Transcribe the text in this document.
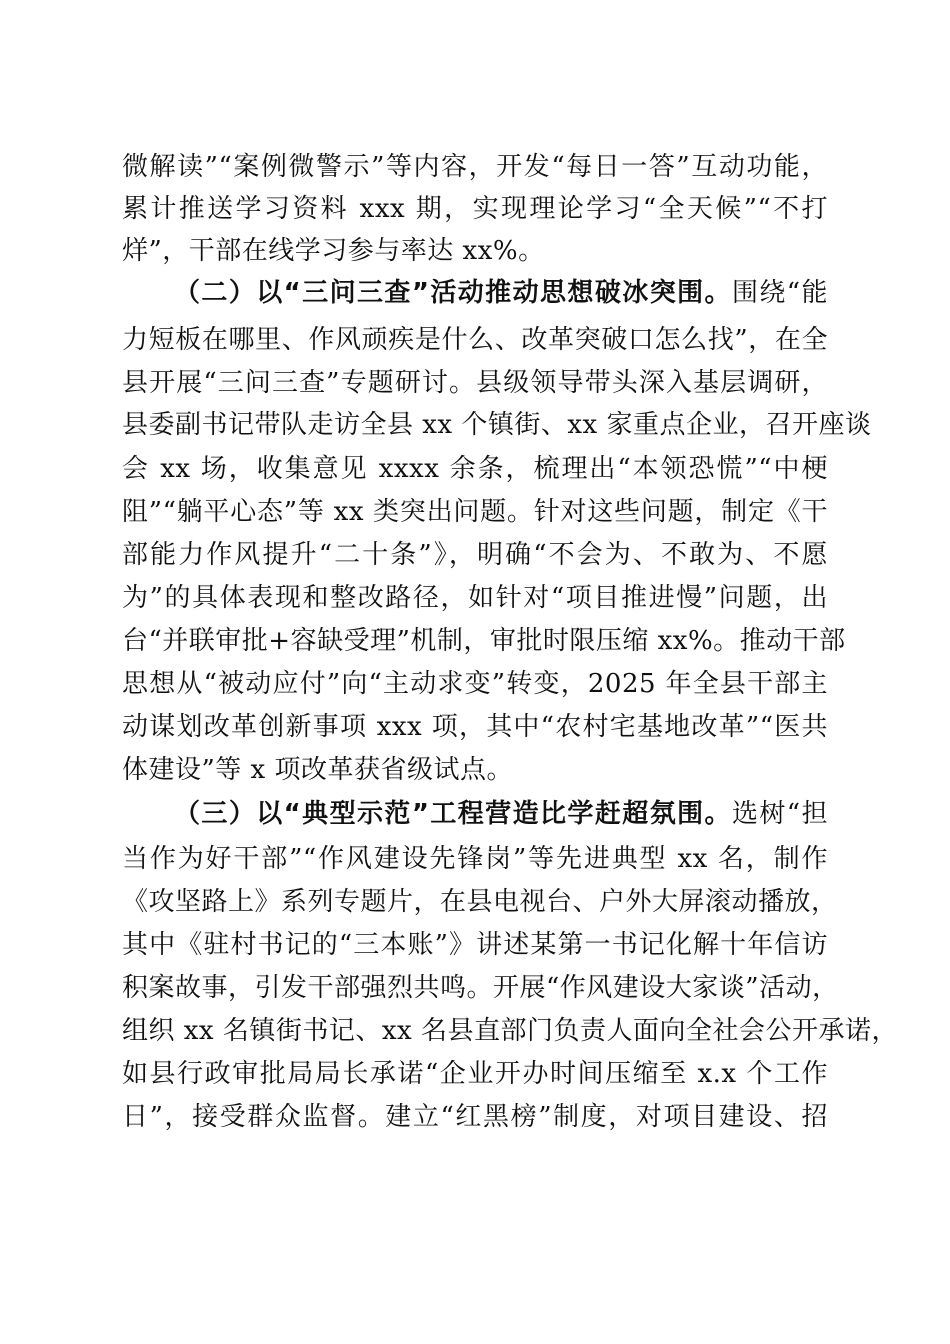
微解读”“案例微警示”等内容，开发“每日一答”互动功能，
累计推送学习资料 xxx 期，实现理论学习“全天候”“不打
烊”，干部在线学习参与率达 xx%。
（二）以“三问三查”活动推动思想破冰突围。围绕“能
力短板在哪里、作风顽疾是什么、改革突破口怎么找”，在全
县开展“三问三查”专题研讨。县级领导带头深入基层调研，
县委副书记带队走访全县 xx 个镇街、xx 家重点企业，召开座谈
会 xx 场，收集意见 xxxx 余条，梳理出“本领恐慌”“中梗
阻”“躺平心态”等 xx 类突出问题。针对这些问题，制定《干
部能力作风提升“二十条”》，明确“不会为、不敢为、不愿
为”的具体表现和整改路径，如针对“项目推进慢”问题，出
台“并联审批+容缺受理”机制，审批时限压缩 xx%。推动干部
思想从“被动应付”向“主动求变”转变，2025 年全县干部主
动谋划改革创新事项 xxx 项，其中“农村宅基地改革”“医共
体建设”等 x 项改革获省级试点。
（三）以“典型示范”工程营造比学赶超氛围。选树“担
当作为好干部”“作风建设先锋岗”等先进典型 xx 名，制作
《攻坚路上》系列专题片，在县电视台、户外大屏滚动播放，
其中《驻村书记的“三本账”》讲述某第一书记化解十年信访
积案故事，引发干部强烈共鸣。开展“作风建设大家谈”活动，
组织 xx 名镇街书记、xx 名县直部门负责人面向全社会公开承诺，
如县行政审批局局长承诺“企业开办时间压缩至 x.x 个工作
日”，接受群众监督。建立“红黑榜”制度，对项目建设、招
